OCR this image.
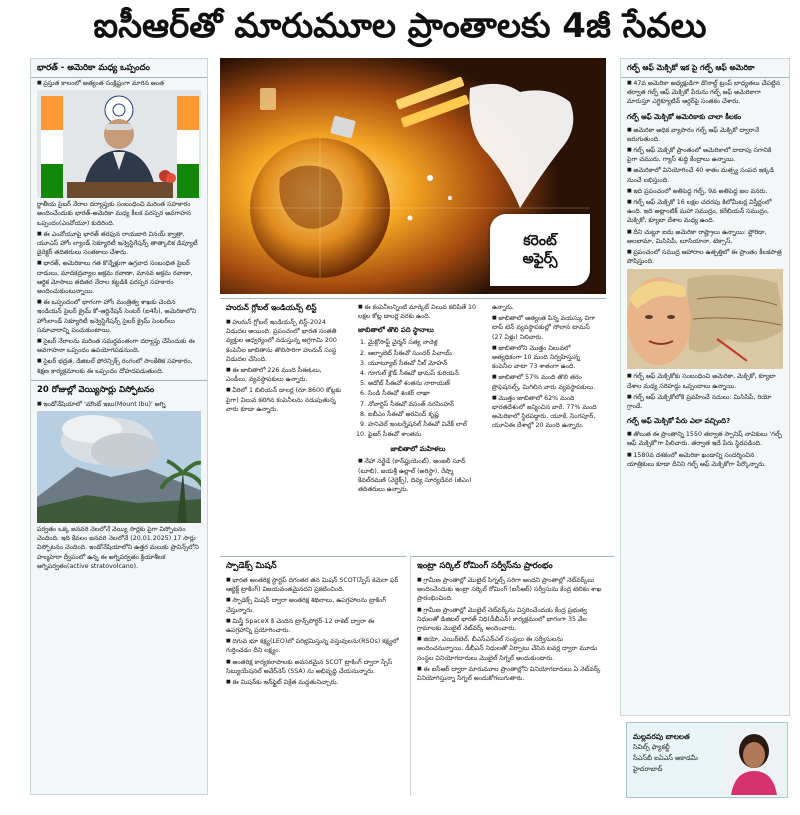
ఐసీఆర్‌తో మారుమూల ప్రాంతాలకు 4జీ సేవలు
భారత్ - అమెరికా మధ్య ఒప్పందం

■ ప్రస్తుత కాలంలో అత్యంత సంక్లిష్టంగా మారిన అంత

ర్జాతీయ సైబర్ నేరాల దర్యాప్తుకు సంబంధించి మరింత సహకారం అందించేందుకు భారత్-అమెరికా మధ్య కీలక పరస్పర అవగాహన ఒప్పందం(ఎంవోయూ) కుదిరింది.

■ ఈ ఎంవోయూపై భారత్ తరఫున రాయబారి వినయ్ క్వాత్రా, యూఎస్ హోం ల్యాండ్ సెక్యూరిటీ ఇన్వెస్టిగేషన్స్ తాత్కాలిక డిప్యూటీ డైరెక్టర్ తదితరులు సంతకాలు చేశారు.

■ భారత్, అమెరికాలు గత కొన్నేళ్లుగా ఉగ్రవాద సంబంధిత సైబర్ దాడులు, మాదకద్రవ్యాల అక్రమ రవాణా, మానవ అక్రమ రవాణా, ఆర్థిక మోసాలు తదితర నేరాల కట్టడికి పరస్పర సహకారం అందించుకుంటున్నాయి.

■ ఈ ఒప్పందంలో భాగంగా హోం మంత్రిత్వ శాఖకు చెందిన ఇండియన్ సైబర్ క్రైమ్ కో-ఆర్డినేషన్ సెంటర్ (ఐ4సీ), అమెరికాలోని హోంలాండ్ సెక్యూరిటీ ఇన్వెస్టిగేషన్స్ సైబర్ క్రైమ్ సెంటర్‌లు సమాచారాన్ని పంచుకుంటాయి.

■ సైబర్ నేరాలను మరింత సమర్థవంతంగా దర్యాప్తు చేసేందుకు ఈ అవగాహనా ఒప్పందం ఉపయోగపడనుంది.

■ సైబర్ భద్రత, డిజిటల్ ఫోరెన్సిక్స్ రంగంలో సాంకేతిక సహకారం, శిక్షణ కార్యక్రమాలకు ఈ ఒప్పందం దోహదపడుతుంది.

20 రోజుల్లో వెయ్యిసార్లు విస్ఫోటనం

■ ఇండోనేషియాలో 'మౌంట్ ఇబు(Mount Ibu)' అగ్ని

పర్వతం ఒక్క జనవరి నెలలోనే వెయ్యి సార్లకు పైగా విస్ఫోటనం చెందింది. ఇది కేవలం జనవరి నెలలోనే (20.01.2025) 17 సార్లు విస్ఫోటనం చెందింది. ఇండోనేషియాలోని ఉత్తర మలుకు ప్రావిన్స్‌లోని హల్మహెరా ద్వీపంలో ఉన్న ఈ అగ్నిపర్వతం క్రియాశీలక అగ్నిపర్వతం(active stratovolcano).

కరెంట్
అఫైర్స్
హురున్ గ్లోబల్ ఇండియన్స్ లిస్ట్

■ హురున్ గ్లోబల్ ఇండియన్స్ లిస్ట్-2024 విడుదల అయింది. ప్రపంచంలో భారత సంతతి వ్యక్తుల ఆధ్వర్యంలో నడుస్తున్న అగ్రగామి 200 కంపెనీల జాబితాను తొలిసారిగా హురున్ సంస్థ విడుదల చేసింది.

■ ఈ జాబితాలో 226 మంది సీఈఓలు, ఎండీలు, వ్యవస్థాపకులు ఉన్నారు.

■ వీరిలో 1 బిలియన్ డాలర్ల (రూ.8600 కోట్లకు పైగా) విలువ కలిగిన కంపెనీలను నడుపుతున్న వారు కూడా ఉన్నారు.

■ ఈ కంపెనీలన్నింటి మార్కెట్ విలువ కలిపితే 10 లక్షల కోట్ల డాలర్ల వరకు ఉంది.

జాబితాలో తొలి పది స్థానాలు
1. మైక్రోసాఫ్ట్ చైర్మన్ సత్య నాదెళ్ల
2. ఆల్ఫాబెట్ సీఈవో సుందర్ పిచాయ్
3. యూట్యూబ్ సీఈవో నీల్ మోహన్
4. గూగుల్ క్లౌడ్ సీఈవో థామస్ కురియన్
5. అడోబ్ సీఈవో శంతను నారాయణ్
6. సిండి సీఈవో శంకర్ లాఖా
7. నోవార్టిస్ సీఈవో వసంత్ నరసింహన్
8. ఐబీఎం సీఈవో అరవింద్ కృష్ణ
9. హనివెల్ ఇంటర్నేషనల్ సీఈవో వివేక్ లాల్
10. ఫైజర్ సీఈవో శాంతను
జాబితాలో మహిళలు

■ నేహా నర్ఖేడే (కాన్‌ఫ్లుయెంట్), అంజలీ సూద్ (టూబి), జయశ్రీ ఉల్లాల్ (అరిస్టా), రేష్మా కేవల్‌రమణి (వెర్టెక్స్), దివ్య సూర్యదేవర (జీఎం) తదితరులు ఉన్నారు.

ఉన్నారు.

■ జాబితాలో అత్యంత పిన్న వయస్కు విగా టాప్ టెన్ వ్యవస్థాపకుల్లో సోలాన టామస్ (27 ఏళ్లు) నిలిచారు.

■ జాబితాలోని మొత్తం విలువలో అత్యధికంగా 10 మంది నిర్వహిస్తున్న కంపెనీల వాటా 73 శాతంగా ఉంది.

■ జాబితాలో 57% మంది తొలి తరం ప్రొఫెషనల్స్, మిగిలిన వారు వ్యవస్థాపకులు.

■ మొత్తం జాబితాలో 62% మంది భారతదేశంలో జన్మించిన వారే. 77% మంది అమెరికాలో స్థిరపడ్డారు. యూకే, సింగపూర్, యూఏఈ దేశాల్లో 20 మంది ఉన్నారు.

స్పాడెక్స్ మిషన్

■ భారత అంతరిక్ష స్టార్టప్ దిగంతర తన మిషన్ SCOT(స్పేస్ కెమెరా ఫర్ ఆబ్జెక్ట్ ట్రాకింగ్) విజయవంతమైనదని ప్రకటించింది.

■ స్పాడెక్స్ మిషన్ ద్వారా అంతరిక్ష శిథిలాలు, ఉపగ్రహాలను ట్రాకింగ్ చేస్తున్నారు.

■ మిస్త్రీ SpaceX కి చెందిన ట్రాన్స్‌పోర్టర్-12 రాకెట్ ద్వారా ఈ ఉపగ్రహాన్ని ప్రయోగించారు.

■ దిగువ భూ కక్ష్య(LEO)లో పరిభ్రమిస్తున్న వస్తువులను(RSOs) కక్ష్యలో గుర్తించడం దీని లక్ష్యం.

■ అంతరిక్ష కార్యకలాపాలకు అవసరమైన SCOT ట్రాకింగ్ ద్వారా స్పేస్ సిట్యుయేషనల్ అవేర్‌నెస్ (SSA) ను అభివృద్ధి చేయనున్నారు.

■ ఈ మిషన్‌కు ఇన్‌ఫ్లైట్ విక్రేత మద్దతునిచ్చారు.

ఇంట్రా సర్కిల్ రోమింగ్ సర్వీస్‌ను ప్రారంభం

■ గ్రామీణ ప్రాంతాల్లో మొబైల్ సిగ్నల్స్ సరిగా అందని ప్రాంతాల్లో నెట్‌వర్క్‌లు అందించేందుకు ఇంట్రా సర్కిల్ రోమింగ్ (ఐసీఆర్) సర్వీసును కేంద్ర టెలికం శాఖ ప్రారంభించింది.

■ గ్రామీణ ప్రాంతాల్లో మొబైల్ నెట్‌వర్క్‌ను విస్తరించేందుకు కేంద్ర ప్రభుత్వ నిధులతో డిజిటల్ భారత్ నిధి(డీబీఎన్) కార్యక్రమంలో భాగంగా 35 వేల గ్రామాలకు మొబైల్ నెట్‌వర్క్ అందించారు.

■ జియో, ఎయిర్‌టెల్, బీఎస్ఎన్ఎల్ సంస్థలు ఈ సర్వీసులను అందించనున్నాయి. డీబీఎన్ నిధులతో ఏర్పాటు చేసిన టవర్ల ద్వారా మూడు సంస్థల వినియోగదారులు మొబైల్ సిగ్నల్ అందుకుంటారు.

■ ఈ ఐసీఆర్ ద్వారా మారుమూల ప్రాంతాల్లోని వినియోగదారులు ఏ నెట్‌వర్క్ వినియోగిస్తున్నా సిగ్నల్ అందుకోగలుగుతారు.

గల్ఫ్ ఆఫ్ మెక్సికో ఇక పై గల్ఫ్ ఆఫ్ అమెరికా

■ 47వ అమెరికా అధ్యక్షుడిగా డొనాల్డ్ ట్రంప్ బాధ్యతలు చేపట్టిన తర్వాత గల్ఫ్ ఆఫ్ మెక్సికో పేరును గల్ఫ్ ఆఫ్ అమెరికాగా మారుస్తూ ఎగ్జిక్యూటివ్ ఆర్డర్‌పై సంతకం చేశారు.

గల్ఫ్ ఆఫ్ మెక్సికో అమెరికాకు చాలా కీలకం

■ అమెరికా అధిక వ్యాపారం గల్ఫ్ ఆఫ్ మెక్సికో ద్వారానే జరుగుతుంది.

■ గల్ఫ్ ఆఫ్ మెక్సికో ప్రాంతంలో అమెరికాలో దాదాపు సగానికి పైగా చమురు, గ్యాస్ శుద్ధి కేంద్రాలు ఉన్నాయి.

■ అమెరికాలో వినియోగించే 40 శాతం మత్స్య సంపద ఇక్కడి నుంచే లభిస్తుంది.

■ ఇది ప్రపంచంలో అతిపెద్ద గల్ఫ్, 9వ అతిపెద్ద జల వనరు.

■ గల్ఫ్ ఆఫ్ మెక్సికో 16 లక్షల చదరపు కిలోమీటర్ల విస్తీర్ణంలో ఉంది. ఇది అట్లాంటిక్ మహా సముద్రం, కరేబియన్ సముద్రం, మెక్సికో, క్యూబా దేశాల మధ్య ఉంది.

■ దీని చుట్టూ ఐదు అమెరికా రాష్ట్రాలు ఉన్నాయి: ఫ్లోరిడా, అలబామా, మిసిసిపీ, లూసియానా, టెక్సాస్.

■ ప్రపంచంలో సముద్ర ఆహారాల ఉత్పత్తిలో ఈ ప్రాంతం కీలకపాత్ర పోషిస్తుంది.

■ గల్ఫ్ ఆఫ్ మెక్సికోకు సంబంధించి అమెరికా, మెక్సికో, క్యూబా దేశాల మధ్య సరిహద్దు ఒప్పందాలు ఉన్నాయి.

■ గల్ఫ్ ఆఫ్ మెక్సికోలోకి ప్రవహించే నదులు: మిసిసిపీ, రియో గ్రాండే.

గల్ఫ్ ఆఫ్ మెక్సికో పేరు ఎలా వచ్చింది?

■ తొలుత ఈ ప్రాంతాన్ని 1550 తర్వాత స్పానిష్ నావికులు 'గల్ఫ్ ఆఫ్ మెక్సికో'గా పిలిచారు. తర్వాత ఇదే పేరు స్థిరపడింది.

■ 1580వ దశకంలో అమెరికా ఖండాన్ని సందర్శించిన యాత్రికులు కూడా దీనిని గల్ఫ్ ఆఫ్ మెక్సికోగా పేర్కొన్నారు.

మల్లవరపు బాలలత
సివిల్స్ ఫ్యాకల్టీ
సీఎస్‌బీ ఐఏఎస్ అకాడమీ
హైదరాబాద్
